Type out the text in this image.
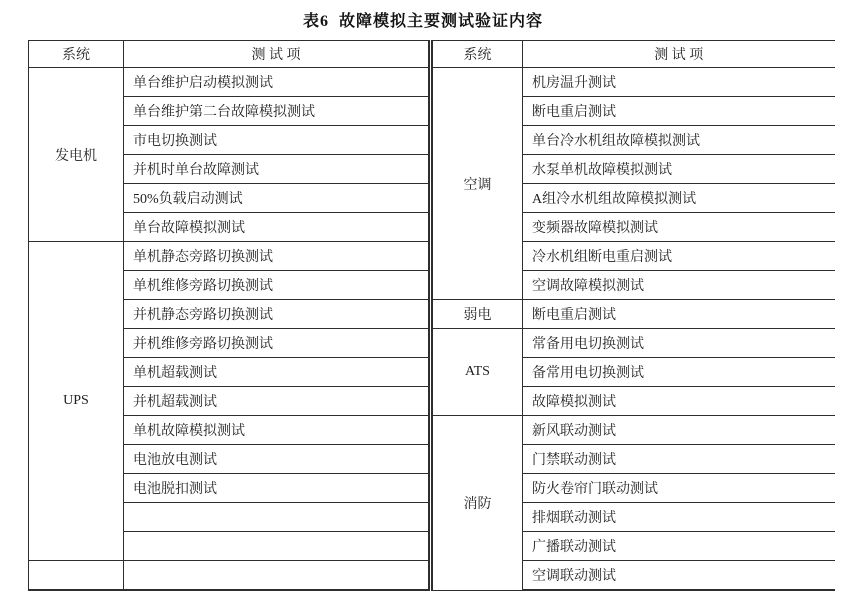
表6  故障模拟主要测试验证内容
系统	测 试 项	系统	测 试 项
发电机	单台维护启动模拟测试	空调	机房温升测试
	单台维护第二台故障模拟测试		断电重启测试
	市电切换测试		单台冷水机组故障模拟测试
	并机时单台故障测试		水泵单机故障模拟测试
	50%负载启动测试		A组冷水机组故障模拟测试
	单台故障模拟测试		变频器故障模拟测试
UPS	单机静态旁路切换测试		冷水机组断电重启测试
	单机维修旁路切换测试		空调故障模拟测试
	并机静态旁路切换测试	弱电	断电重启测试
	并机维修旁路切换测试	ATS	常备用电切换测试
	单机超载测试		备常用电切换测试
	并机超载测试		故障模拟测试
	单机故障模拟测试	消防	新风联动测试
	电池放电测试		门禁联动测试
	电池脱扣测试		防火卷帘门联动测试
			排烟联动测试
			广播联动测试
			空调联动测试
